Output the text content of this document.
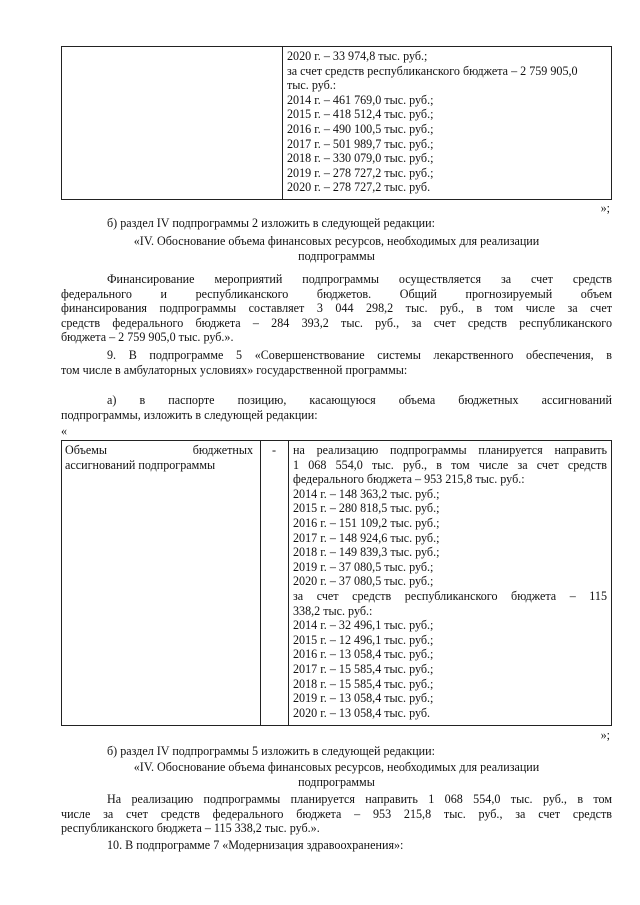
2020 г. – 33 974,8 тыс. руб.;
за счет средств республиканского бюджета – 2 759 905,0
тыс. руб.:
2014 г. – 461 769,0 тыс. руб.;
2015 г. – 418 512,4 тыс. руб.;
2016 г. – 490 100,5 тыс. руб.;
2017 г. – 501 989,7 тыс. руб.;
2018 г. – 330 079,0 тыс. руб.;
2019 г. – 278 727,2 тыс. руб.;
2020 г. – 278 727,2 тыс. руб.
»;
б) раздел IV подпрограммы 2 изложить в следующей редакции:
«IV. Обоснование объема финансовых ресурсов, необходимых для реализации
подпрограммы
Финансирование мероприятий подпрограммы осуществляется за счет средств
федерального и республиканского бюджетов. Общий прогнозируемый объем
финансирования подпрограммы составляет 3 044 298,2 тыс. руб., в том числе за счет
средств федерального бюджета – 284 393,2 тыс. руб., за счет средств республиканского
бюджета – 2 759 905,0 тыс. руб.».
9. В подпрограмме 5 «Совершенствование системы лекарственного обеспечения, в
том числе в амбулаторных условиях» государственной программы:
а) в паспорте позицию, касающуюся объема бюджетных ассигнований
подпрограммы, изложить в следующей редакции:
«
Объемы бюджетных
ассигнований подпрограммы
-	на реализацию подпрограммы планируется направить
1 068 554,0 тыс. руб., в том числе за счет средств
федерального бюджета – 953 215,8 тыс. руб.:
2014 г. – 148 363,2 тыс. руб.;
2015 г. – 280 818,5 тыс. руб.;
2016 г. – 151 109,2 тыс. руб.;
2017 г. – 148 924,6 тыс. руб.;
2018 г. – 149 839,3 тыс. руб.;
2019 г. – 37 080,5 тыс. руб.;
2020 г. – 37 080,5 тыс. руб.;
за счет средств республиканского бюджета – 115
338,2 тыс. руб.:
2014 г. – 32 496,1 тыс. руб.;
2015 г. – 12 496,1 тыс. руб.;
2016 г. – 13 058,4 тыс. руб.;
2017 г. – 15 585,4 тыс. руб.;
2018 г. – 15 585,4 тыс. руб.;
2019 г. – 13 058,4 тыс. руб.;
2020 г. – 13 058,4 тыс. руб.
»;
б) раздел IV подпрограммы 5 изложить в следующей редакции:
«IV. Обоснование объема финансовых ресурсов, необходимых для реализации
подпрограммы
На реализацию подпрограммы планируется направить 1 068 554,0 тыс. руб., в том
числе за счет средств федерального бюджета – 953 215,8 тыс. руб., за счет средств
республиканского бюджета – 115 338,2 тыс. руб.».
10. В подпрограмме 7 «Модернизация здравоохранения»:
